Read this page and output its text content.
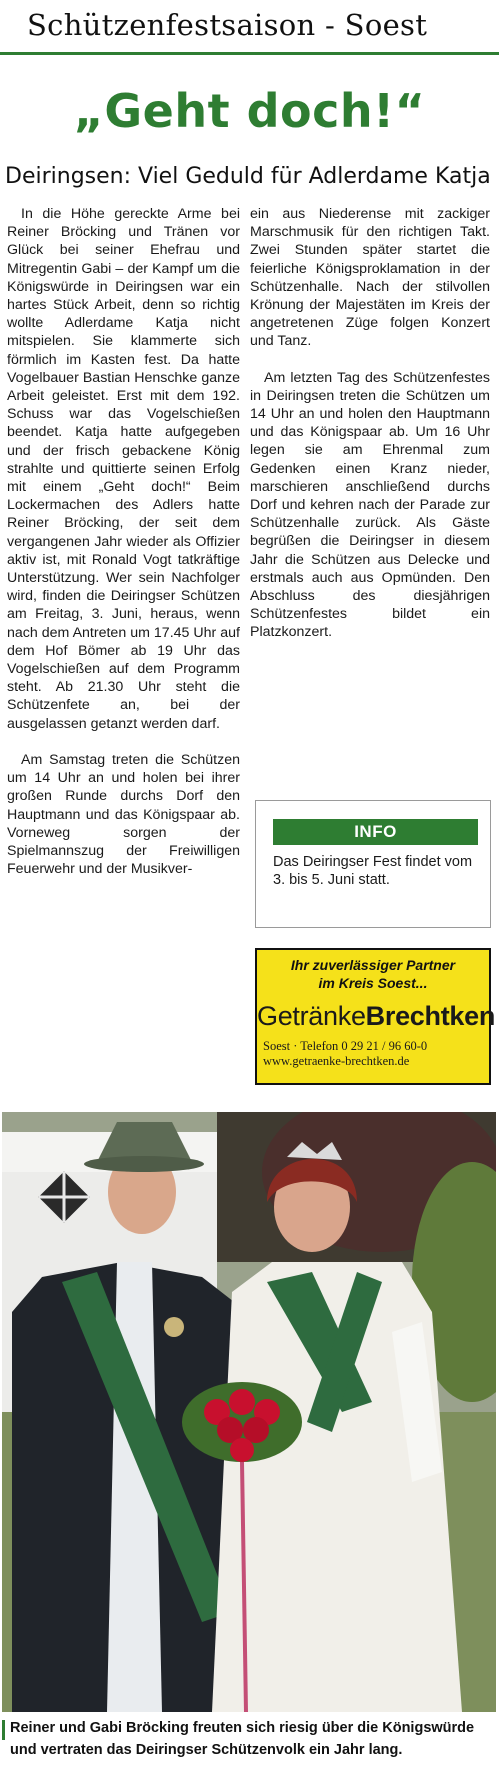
Schützenfestsaison - Soest
„Geht doch!“
Deiringsen: Viel Geduld für Adlerdame Katja

In die Höhe gereckte Arme bei Reiner Bröcking und Tränen vor Glück bei seiner Ehefrau und Mitregentin Gabi – der Kampf um die Königswürde in Deiringsen war ein hartes Stück Arbeit, denn so richtig wollte Adlerdame Katja nicht mitspielen. Sie klammerte sich förmlich im Kasten fest. Da hatte Vogelbauer Bastian Henschke ganze Arbeit geleistet. Erst mit dem 192. Schuss war das Vogelschießen beendet. Katja hatte aufgegeben und der frisch gebackene König strahlte und quittierte seinen Erfolg mit einem „Geht doch!“ Beim Lockermachen des Adlers hatte Reiner Bröcking, der seit dem vergangenen Jahr wieder als Offizier aktiv ist, mit Ronald Vogt tatkräftige Unterstützung. Wer sein Nachfolger wird, finden die Deiringser Schützen am Freitag, 3. Juni, heraus, wenn nach dem Antreten um 17.45 Uhr auf dem Hof Bömer ab 19 Uhr das Vogelschießen auf dem Programm steht. Ab 21.30 Uhr steht die Schützenfete an, bei der ausgelassen getanzt werden darf.

Am Samstag treten die Schützen um 14 Uhr an und holen bei ihrer großen Runde durchs Dorf den Hauptmann und das Königspaar ab. Vorneweg sorgen der Spielmannszug der Freiwilligen Feuerwehr und der Musikver-

ein aus Niederense mit zackiger Marschmusik für den richtigen Takt. Zwei Stunden später startet die feierliche Königsproklamation in der Schützenhalle. Nach der stilvollen Krönung der Majestäten im Kreis der angetretenen Züge folgen Konzert und Tanz.

Am letzten Tag des Schützenfestes in Deiringsen treten die Schützen um 14 Uhr an und holen den Hauptmann und das Königspaar ab. Um 16 Uhr legen sie am Ehrenmal zum Gedenken einen Kranz nieder, marschieren anschließend durchs Dorf und kehren nach der Parade zur Schützenhalle zurück. Als Gäste begrüßen die Deiringser in diesem Jahr die Schützen aus Delecke und erstmals auch aus Opmünden. Den Abschluss des diesjährigen Schützenfestes bildet ein Platzkonzert.

INFO
Das Deiringser Fest findet vom 3. bis 5. Juni statt.
Ihr zuverlässiger Partner
im Kreis Soest...
GetränkeBrechtken
Soest · Telefon 0 29 21 / 96 60-0
www.getraenke-brechtken.de
Reiner und Gabi Bröcking freuten sich riesig über die Königswürde und vertraten das Deiringser Schützenvolk ein Jahr lang.
